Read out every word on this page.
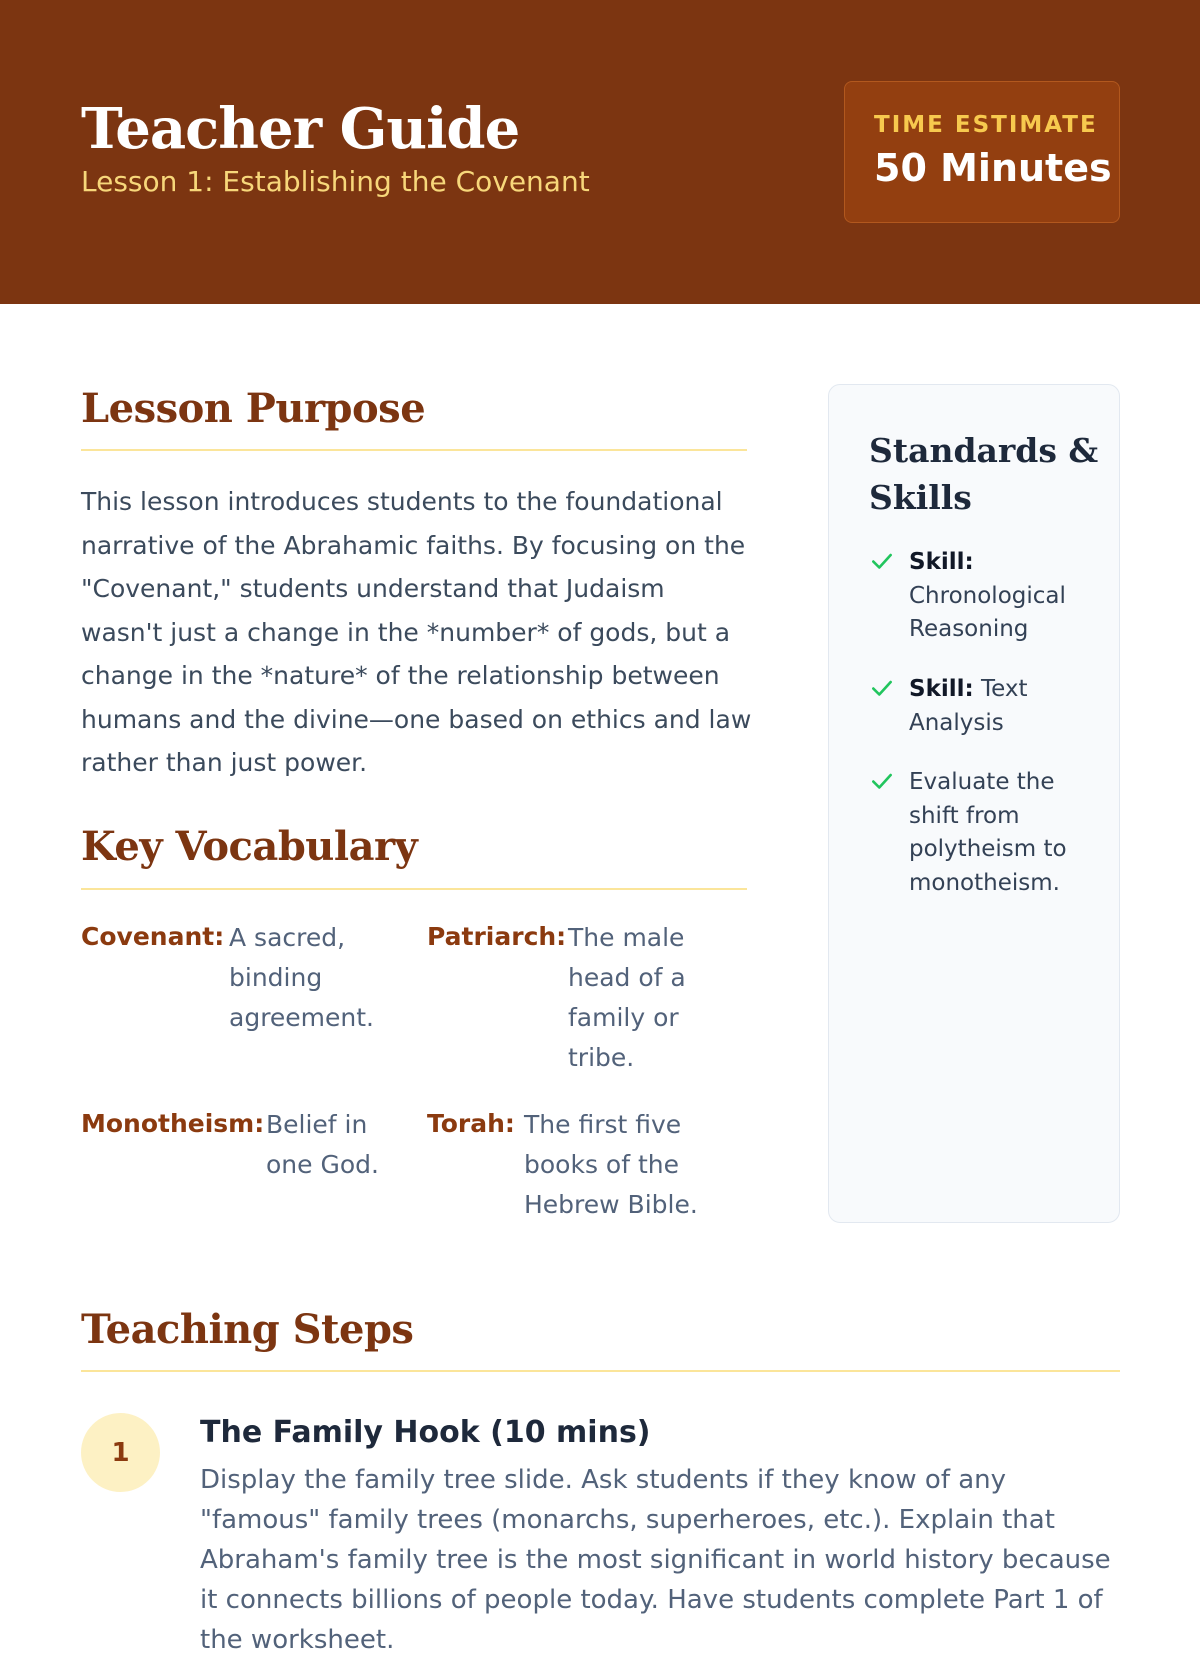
Teacher Guide
Lesson 1: Establishing the Covenant
TIME ESTIMATE
50 Minutes
Lesson Purpose
This lesson introduces students to the foundational narrative of the Abrahamic faiths. By focusing on the "Covenant," students understand that Judaism wasn't just a change in the *number* of gods, but a change in the *nature* of the relationship between humans and the divine—one based on ethics and law rather than just power.
Key Vocabulary
Covenant: A sacred, binding agreement.
Patriarch: The male head of a family or tribe.
Monotheism: Belief in one God.
Torah: The first five books of the Hebrew Bible.
Standards & Skills
Skill: Chronological Reasoning
Skill: Text Analysis
Evaluate the shift from polytheism to monotheism.
Teaching Steps
1
The Family Hook (10 mins)
Display the family tree slide. Ask students if they know of any "famous" family trees (monarchs, superheroes, etc.). Explain that Abraham's family tree is the most significant in world history because it connects billions of people today. Have students complete Part 1 of the worksheet.
